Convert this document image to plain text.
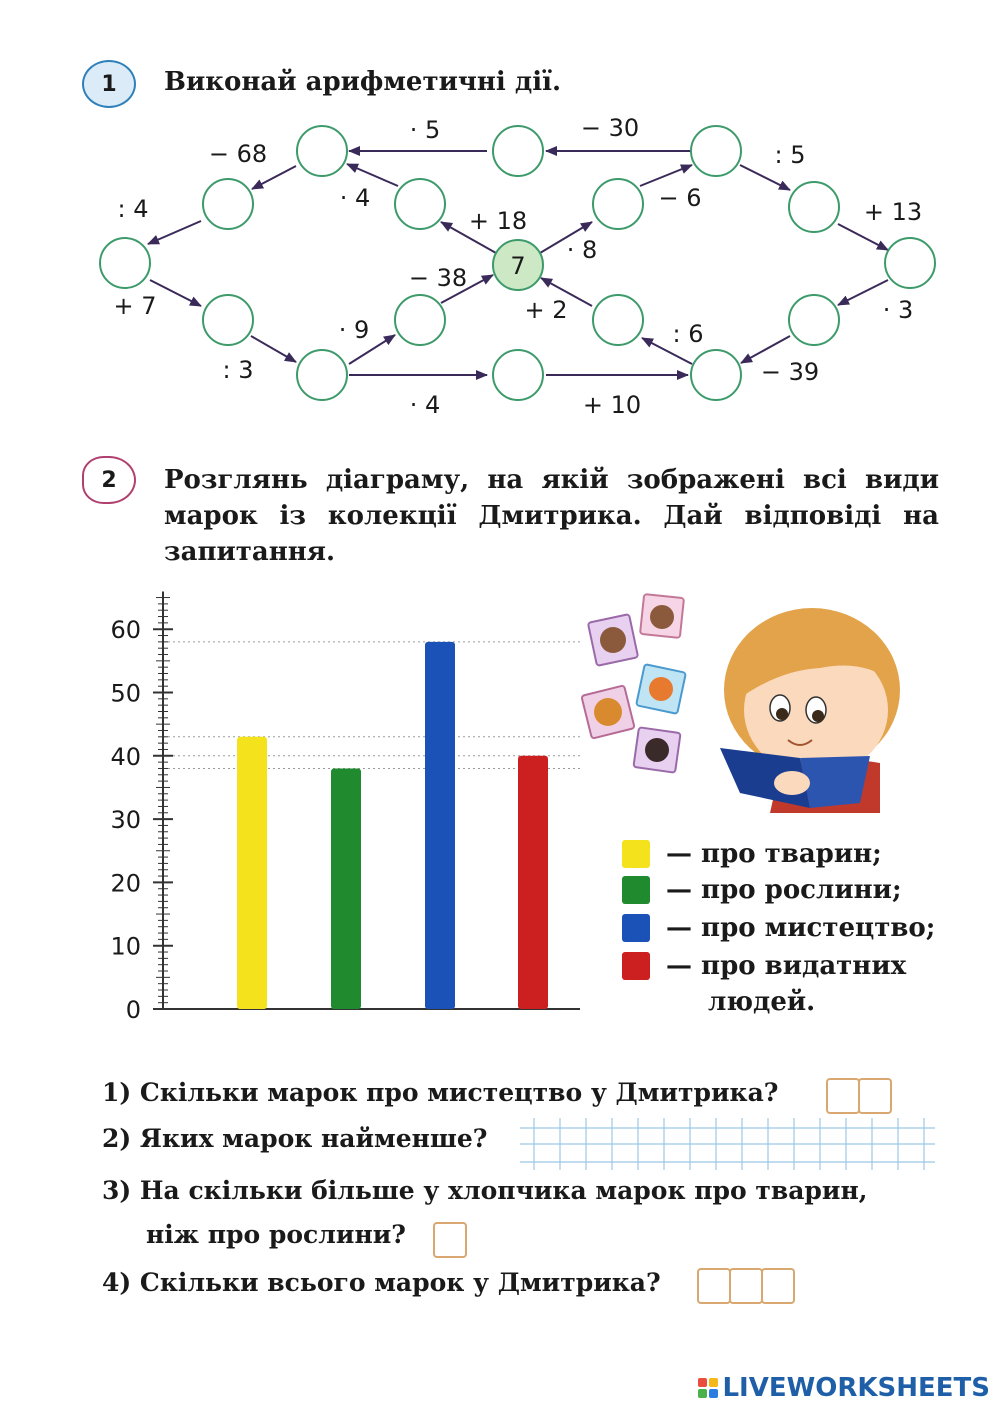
1 Виконай арифметичні дії.
7
· 5	− 30
− 68	: 5
· 4	− 6
: 4	+ 18	+ 13
· 8
− 38
+ 7	+ 2	· 3
· 9	: 6
: 3	− 39
· 4	+ 10
2 Розглянь діаграму, на якій зображені всі види марок із колекції Дмитрика. Дай відповіді на запитання.
0
10
20
30
40
50
60
— про тварин;
— про рослини;
— про мистецтво;
— про видатних
людей.
1) Скільки марок про мистецтво у Дмитрика?
2) Яких марок найменше?
3) На скільки більше у хлопчика марок про тварин,
ніж про рослини?
4) Скільки всього марок у Дмитрика?
LIVEWORKSHEETS
